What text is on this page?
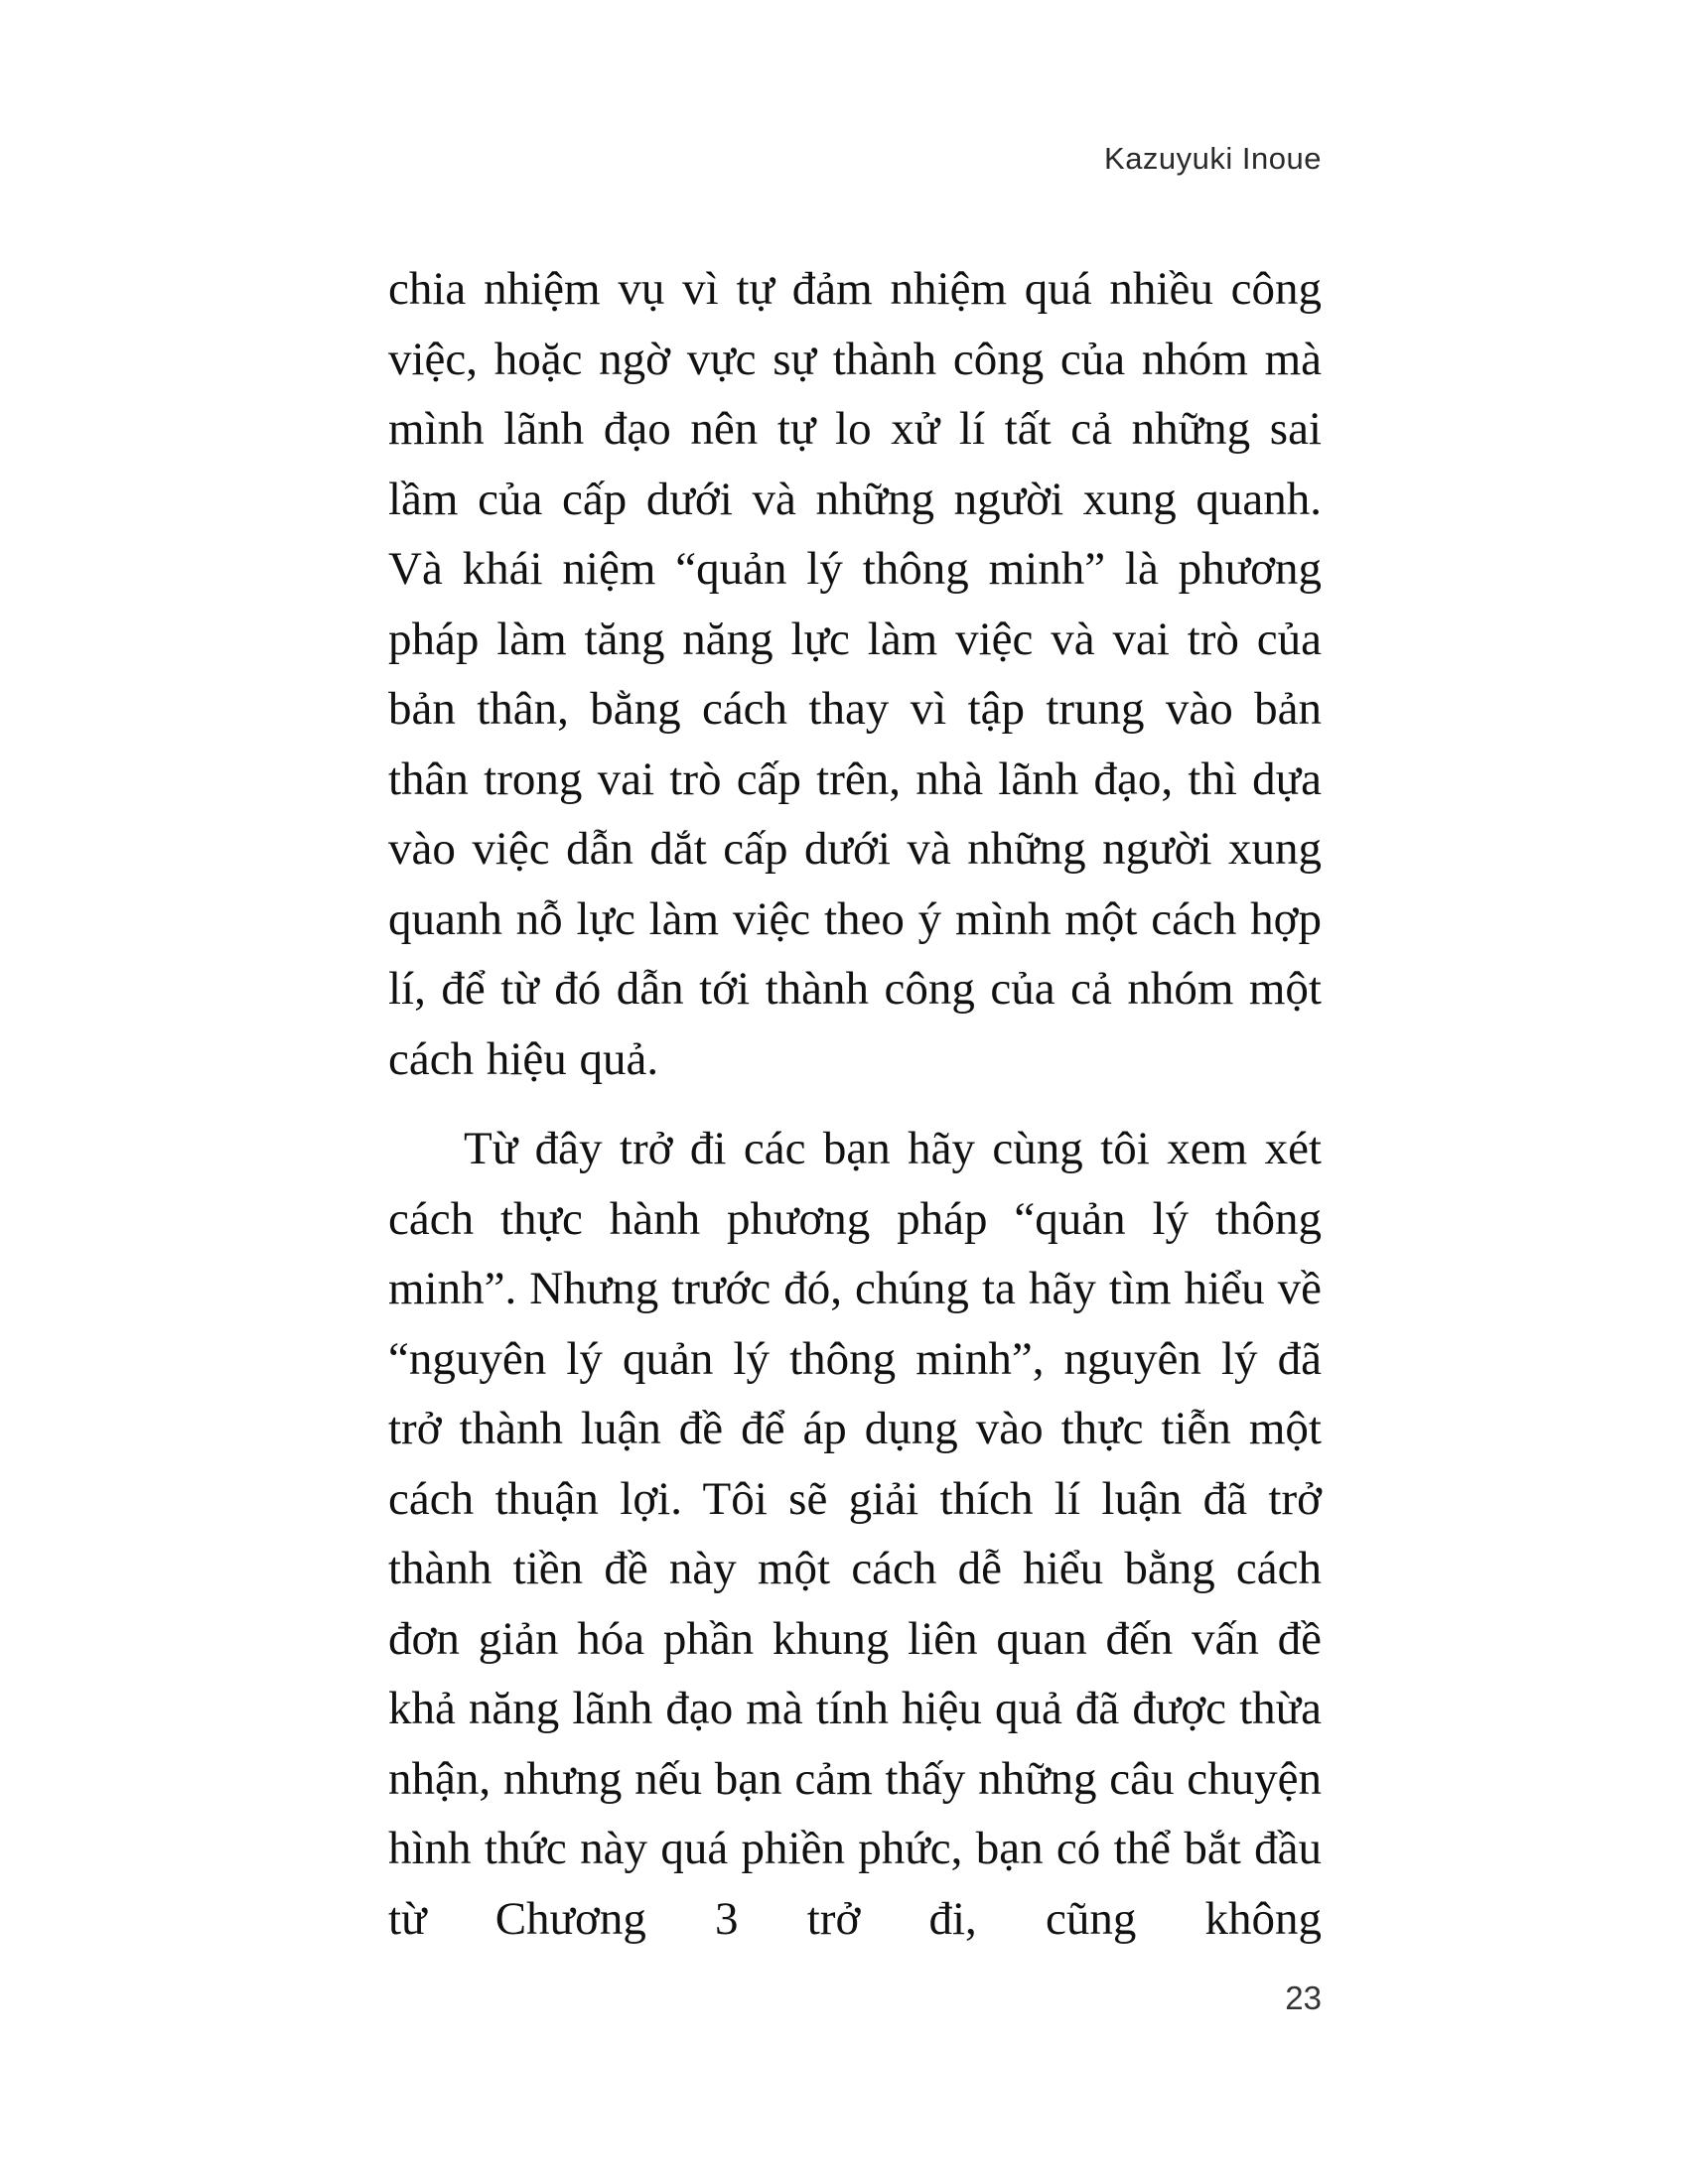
Kazuyuki Inoue

chia nhiệm vụ vì tự đảm nhiệm quá nhiều công việc, hoặc ngờ vực sự thành công của nhóm mà mình lãnh đạo nên tự lo xử lí tất cả những sai lầm của cấp dưới và những người xung quanh. Và khái niệm “quản lý thông minh” là phương pháp làm tăng năng lực làm việc và vai trò của bản thân, bằng cách thay vì tập trung vào bản thân trong vai trò cấp trên, nhà lãnh đạo, thì dựa vào việc dẫn dắt cấp dưới và những người xung quanh nỗ lực làm việc theo ý mình một cách hợp lí, để từ đó dẫn tới thành công của cả nhóm một cách hiệu quả.

Từ đây trở đi các bạn hãy cùng tôi xem xét cách thực hành phương pháp “quản lý thông minh”. Nhưng trước đó, chúng ta hãy tìm hiểu về “nguyên lý quản lý thông minh”, nguyên lý đã trở thành luận đề để áp dụng vào thực tiễn một cách thuận lợi. Tôi sẽ giải thích lí luận đã trở thành tiền đề này một cách dễ hiểu bằng cách đơn giản hóa phần khung liên quan đến vấn đề khả năng lãnh đạo mà tính hiệu quả đã được thừa nhận, nhưng nếu bạn cảm thấy những câu chuyện hình thức này quá phiền phức, bạn có thể bắt đầu từ Chương 3 trở đi, cũng không

23
